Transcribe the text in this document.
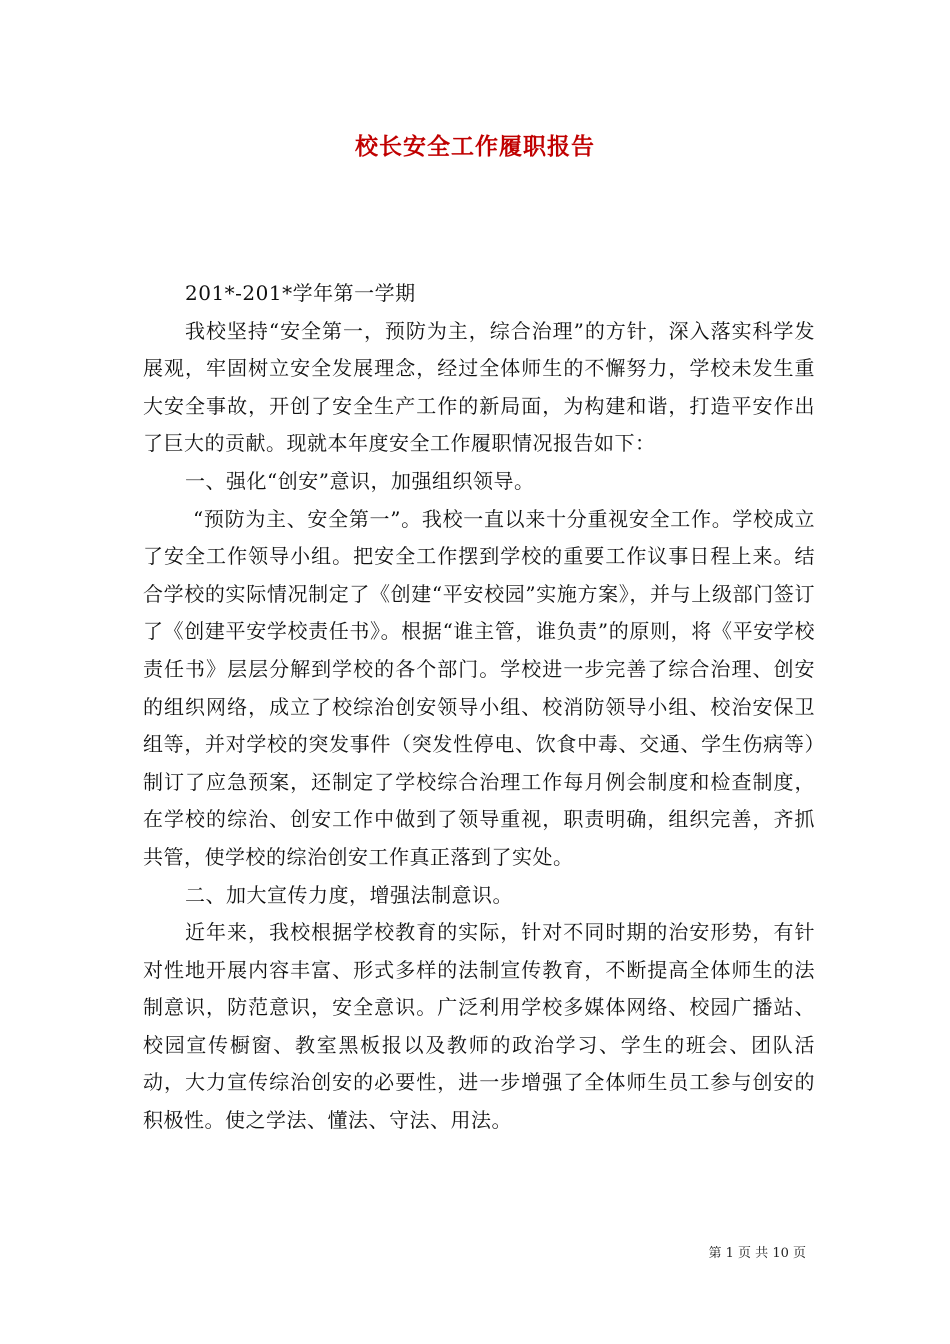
校长安全工作履职报告

201*-201*学年第一学期

我校坚持“安全第一，预防为主，综合治理”的方针，深入落实科学发展观，牢固树立安全发展理念，经过全体师生的不懈努力，学校未发生重大安全事故，开创了安全生产工作的新局面，为构建和谐，打造平安作出了巨大的贡献。现就本年度安全工作履职情况报告如下：

一、强化“创安”意识，加强组织领导。

“预防为主、安全第一”。我校一直以来十分重视安全工作。学校成立了安全工作领导小组。把安全工作摆到学校的重要工作议事日程上来。结合学校的实际情况制定了《创建“平安校园”实施方案》，并与上级部门签订了《创建平安学校责任书》。根据“谁主管，谁负责”的原则，将《平安学校责任书》层层分解到学校的各个部门。学校进一步完善了综合治理、创安的组织网络，成立了校综治创安领导小组、校消防领导小组、校治安保卫组等，并对学校的突发事件（突发性停电、饮食中毒、交通、学生伤病等）制订了应急预案，还制定了学校综合治理工作每月例会制度和检查制度，在学校的综治、创安工作中做到了领导重视，职责明确，组织完善，齐抓共管，使学校的综治创安工作真正落到了实处。

二、加大宣传力度，增强法制意识。

近年来，我校根据学校教育的实际，针对不同时期的治安形势，有针对性地开展内容丰富、形式多样的法制宣传教育，不断提高全体师生的法制意识，防范意识，安全意识。广泛利用学校多媒体网络、校园广播站、校园宣传橱窗、教室黑板报以及教师的政治学习、学生的班会、团队活动，大力宣传综治创安的必要性，进一步增强了全体师生员工参与创安的积极性。使之学法、懂法、守法、用法。

第 1 页 共 10 页
